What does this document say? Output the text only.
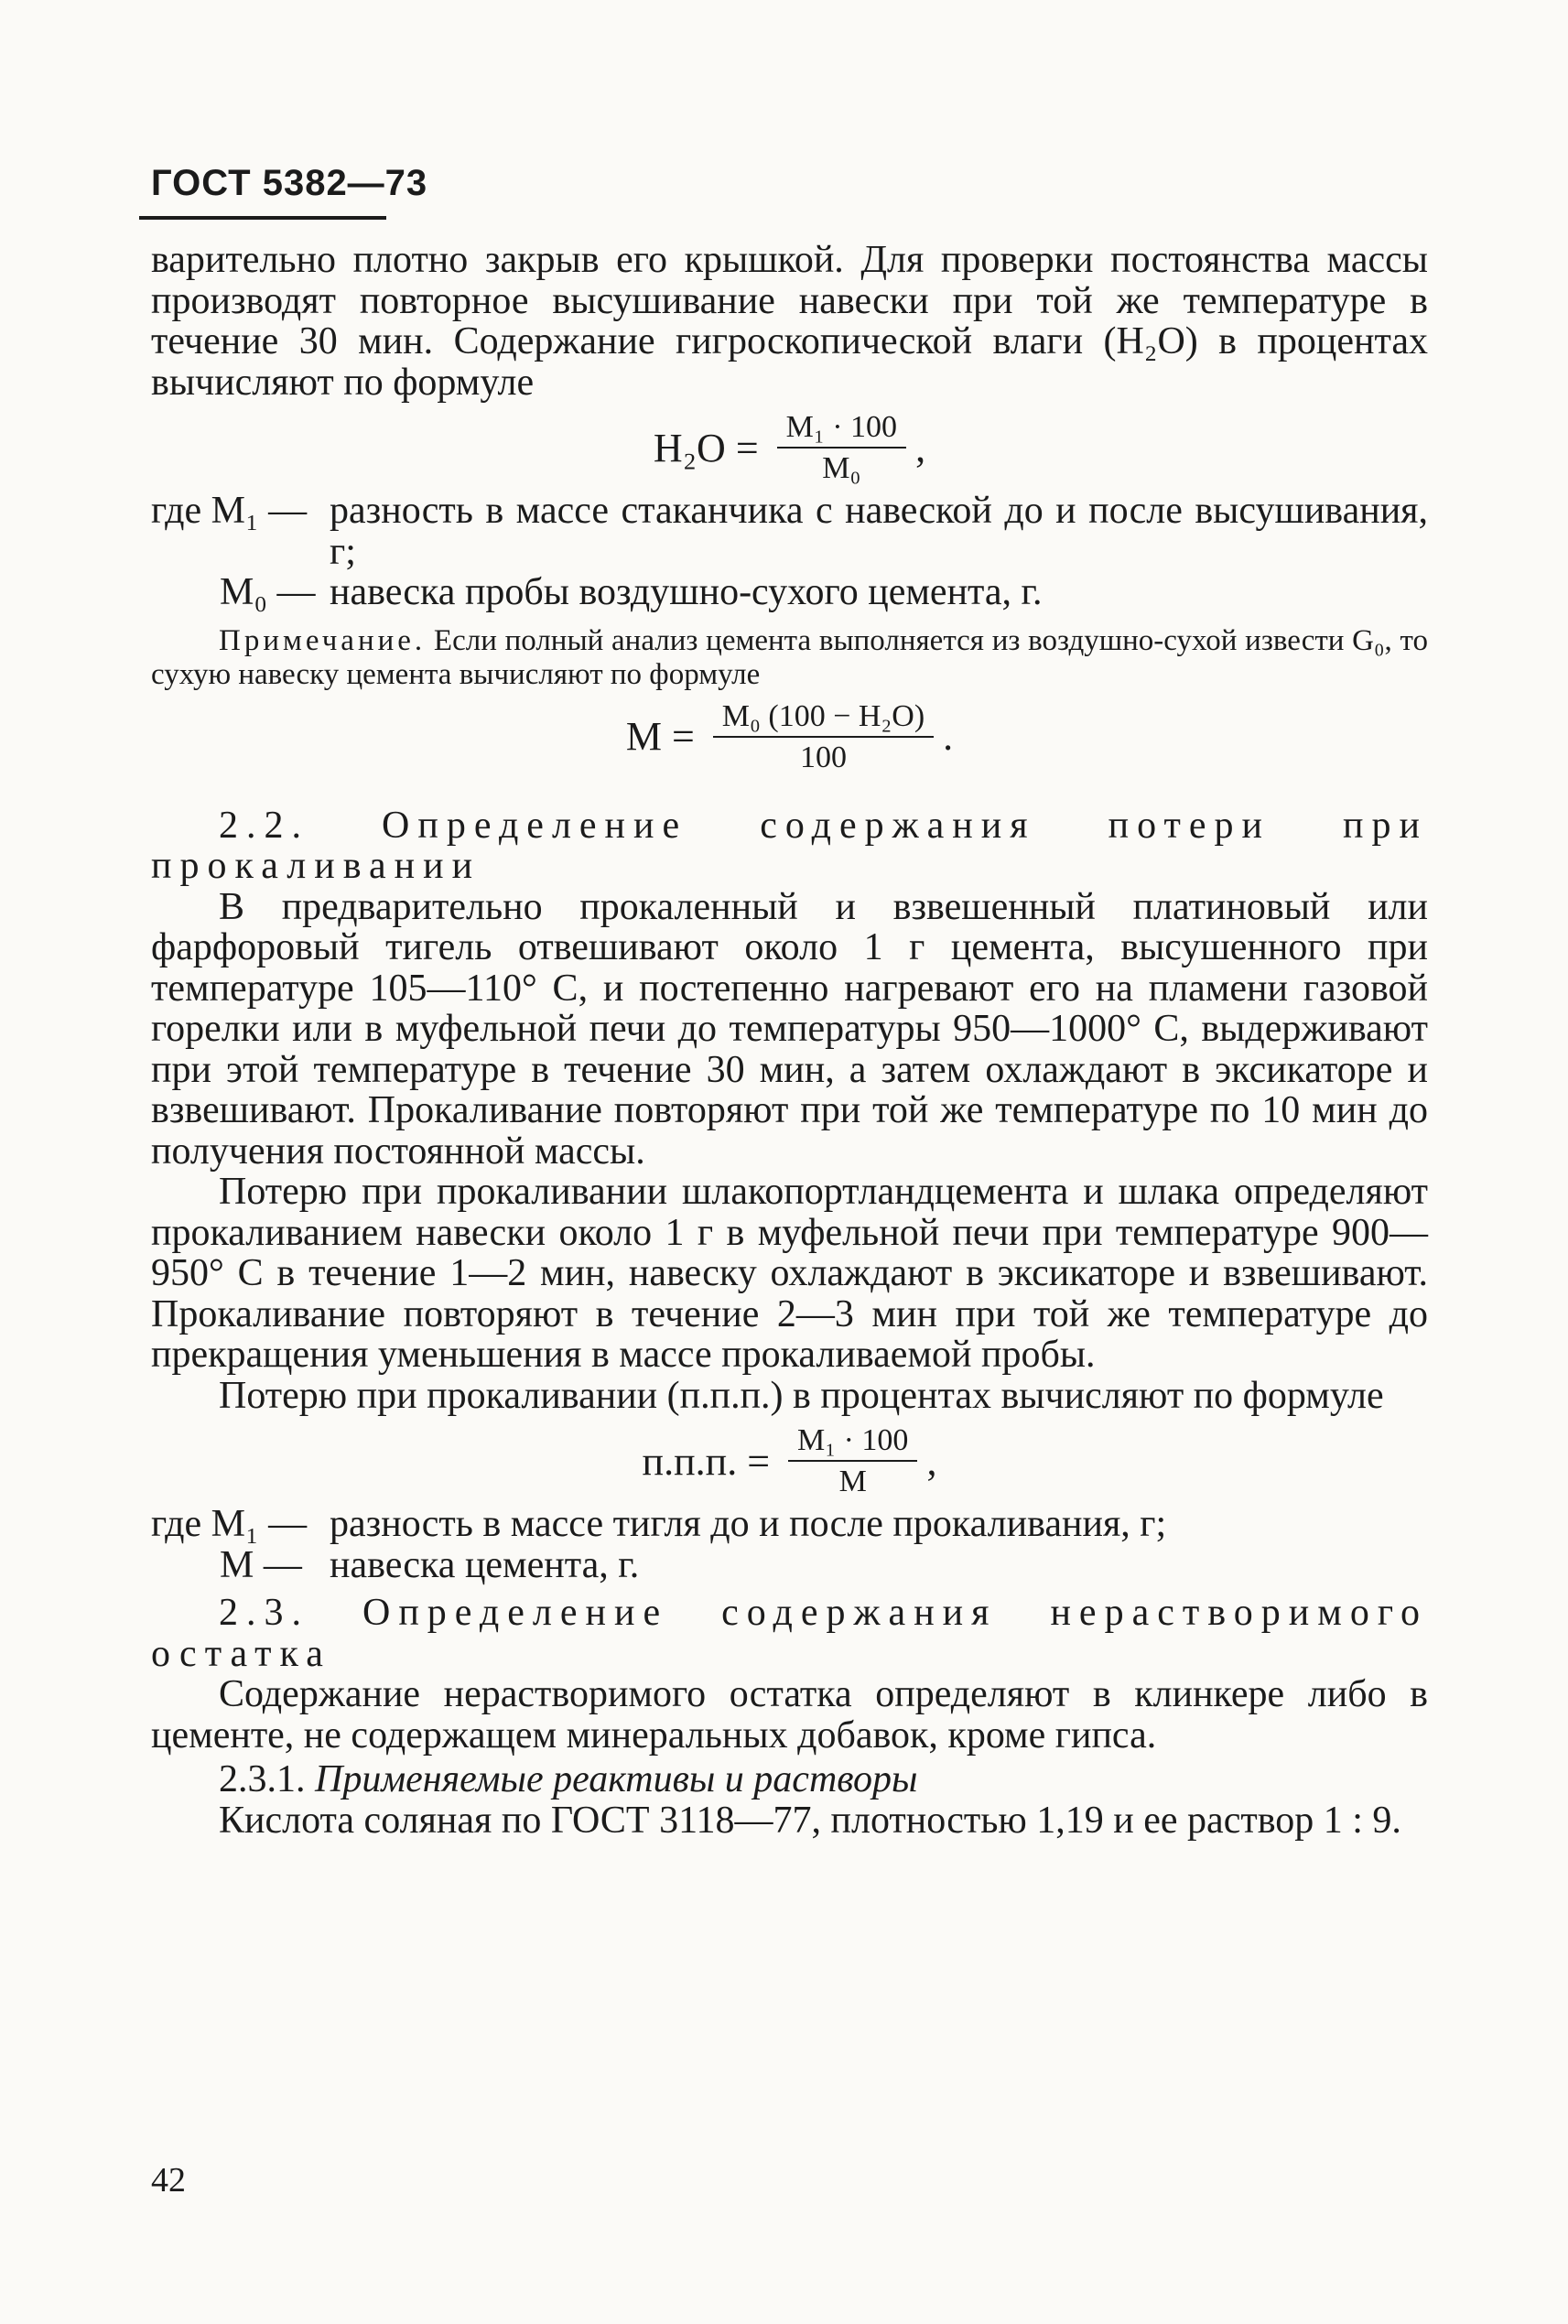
ГОСТ 5382—73

варительно плотно закрыв его крышкой. Для проверки постоянства массы производят повторное высушивание навески при той же температуре в течение 30 мин. Содержание гигроскопической влаги (H₂O) в процентах вычисляют по формуле

$H_2O = \frac{\text{M₁ · 100}}{\text{M₀}}$ ,
где M₁ — разность в массе стаканчика с навеской до и после высушивания, г;
M₀ — навеска пробы воздушно-сухого цемента, г.

Примечание. Если полный анализ цемента выполняется из воздушно-сухой извести G₀, то сухую навеску цемента вычисляют по формуле

$M = \frac{\text{M₀ (100 − H₂O)}}{100}$ .

2.2. Определение содержания потери при прокаливании

В предварительно прокаленный и взвешенный платиновый или фарфоровый тигель отвешивают около 1 г цемента, высушенного при температуре 105—110° С, и постепенно нагревают его на пламени газовой горелки или в муфельной печи до температуры 950—1000° С, выдерживают при этой температуре в течение 30 мин, а затем охлаждают в эксикаторе и взвешивают. Прокаливание повторяют при той же температуре по 10 мин до получения постоянной массы.

Потерю при прокаливании шлакопортландцемента и шлака определяют прокаливанием навески около 1 г в муфельной печи при температуре 900—950° С в течение 1—2 мин, навеску охлаждают в эксикаторе и взвешивают. Прокаливание повторяют в течение 2—3 мин при той же температуре до прекращения уменьшения в массе прокаливаемой пробы.

Потерю при прокаливании (п.п.п.) в процентах вычисляют по формуле

п.п.п. = $\frac{\text{M₁ · 100}}{M}$ ,
где M₁ — разность в массе тигля до и после прокаливания, г;
M — навеска цемента, г.

2.3. Определение содержания нерастворимого остатка

Содержание нерастворимого остатка определяют в клинкере либо в цементе, не содержащем минеральных добавок, кроме гипса.

2.3.1. Применяемые реактивы и растворы

Кислота соляная по ГОСТ 3118—77, плотностью 1,19 и ее раствор 1 : 9.

42
